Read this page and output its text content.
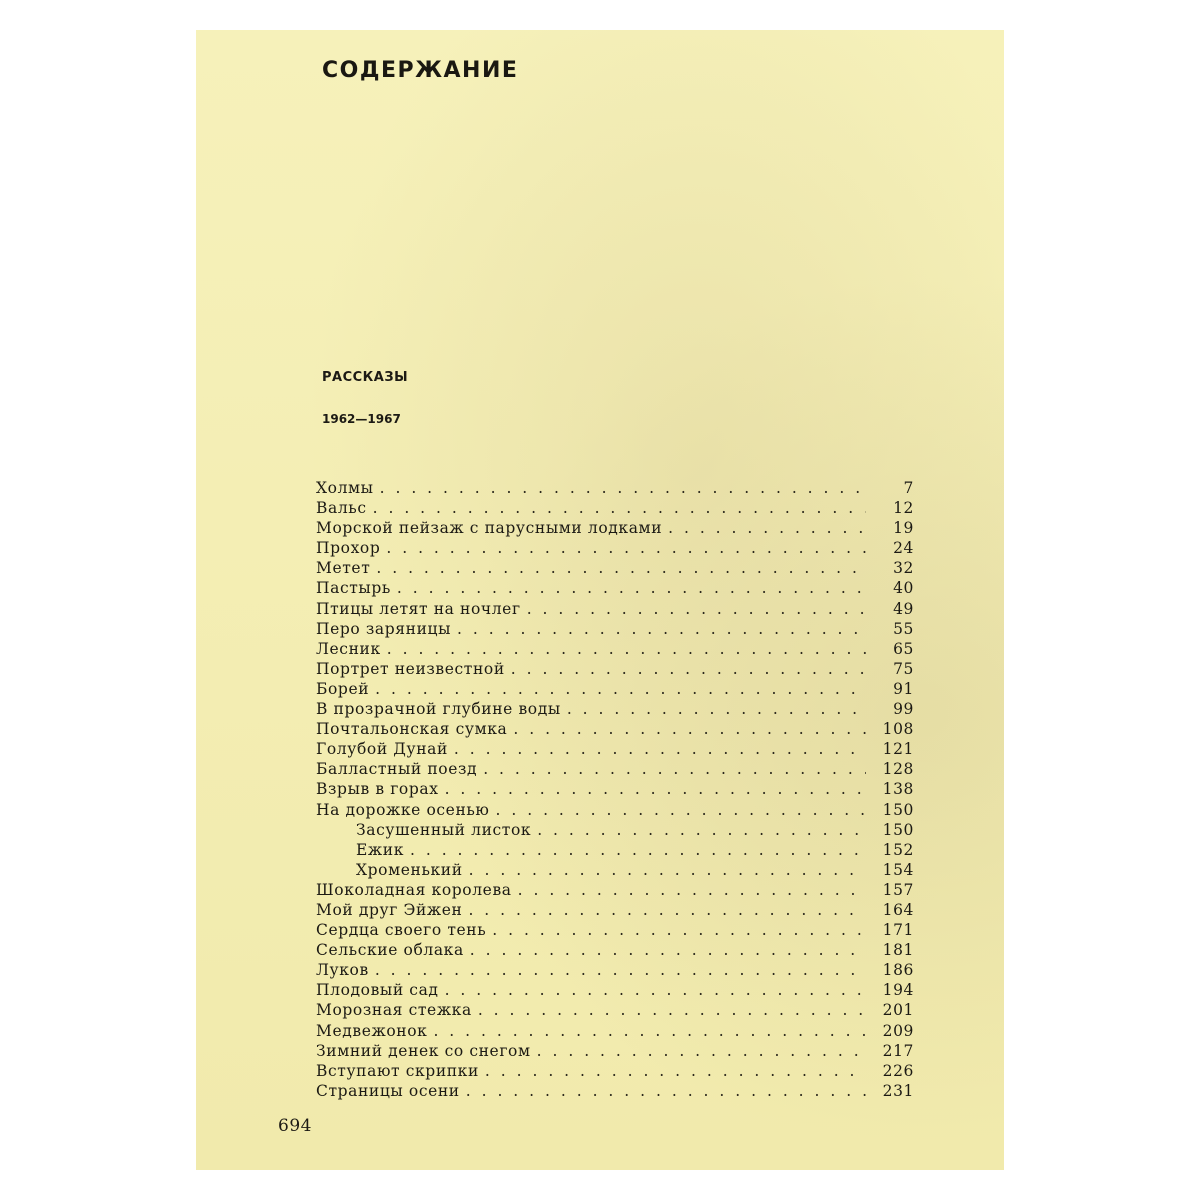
СОДЕРЖАНИЕ
РАССКАЗЫ
1962—1967
Холмы . . .	7
Вальс . . .	12
Морской пейзаж с парусными лодками . . .	19
Прохор . . .	24
Метет . . .	32
Пастырь . . .	40
Птицы летят на ночлег . . .	49
Перо заряницы . . .	55
Лесник . . .	65
Портрет неизвестной . . .	75
Борей . . .	91
В прозрачной глубине воды . . .	99
Почтальонская сумка . . .	108
Голубой Дунай . . .	121
Балластный поезд . . .	128
Взрыв в горах . . .	138
На дорожке осенью . . .	150
Засушенный листок . . .	150
Ежик . . .	152
Хроменький . . .	154
Шоколадная королева . . .	157
Мой друг Эйжен . . .	164
Сердца своего тень . . .	171
Сельские облака . . .	181
Луков . . .	186
Плодовый сад . . .	194
Морозная стежка . . .	201
Медвежонок . . .	209
Зимний денек со снегом . . .	217
Вступают скрипки . . .	226
Страницы осени . . .	231
694
